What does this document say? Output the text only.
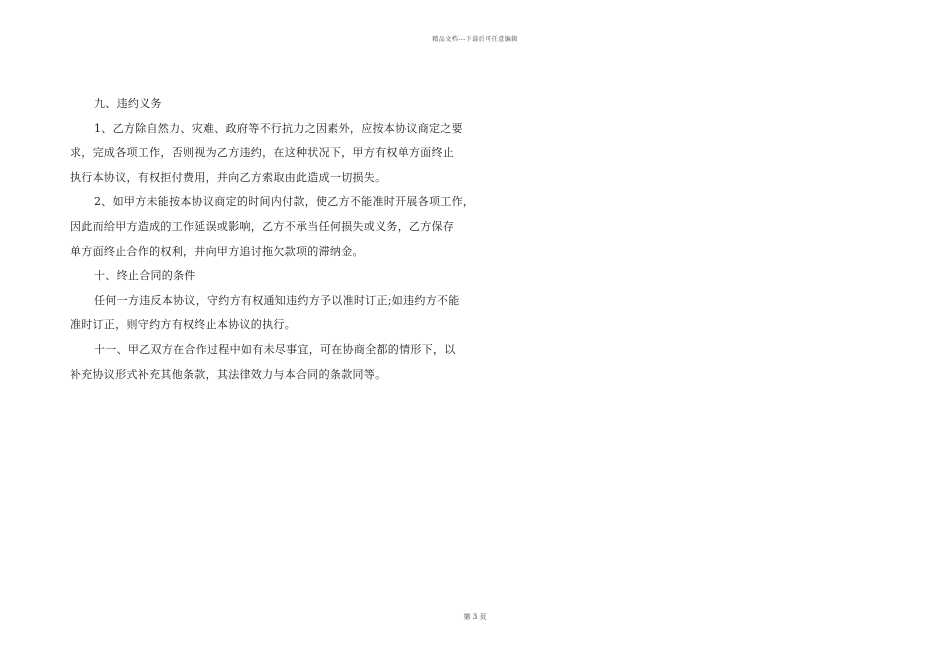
精品文档---下载后可任意编辑
九、违约义务
1、乙方除自然力、灾难、政府等不行抗力之因素外，应按本协议商定之要
求，完成各项工作，否则视为乙方违约，在这种状况下，甲方有权单方面终止
执行本协议，有权拒付费用，并向乙方索取由此造成一切损失。
2、如甲方未能按本协议商定的时间内付款，使乙方不能准时开展各项工作，
因此而给甲方造成的工作延误或影响，乙方不承当任何损失或义务，乙方保存
单方面终止合作的权利，并向甲方追讨拖欠款项的滞纳金。
十、终止合同的条件
任何一方违反本协议，守约方有权通知违约方予以准时订正;如违约方不能
准时订正，则守约方有权终止本协议的执行。
十一、甲乙双方在合作过程中如有未尽事宜，可在协商全都的情形下，以
补充协议形式补充其他条款，其法律效力与本合同的条款同等。
第 3 页
